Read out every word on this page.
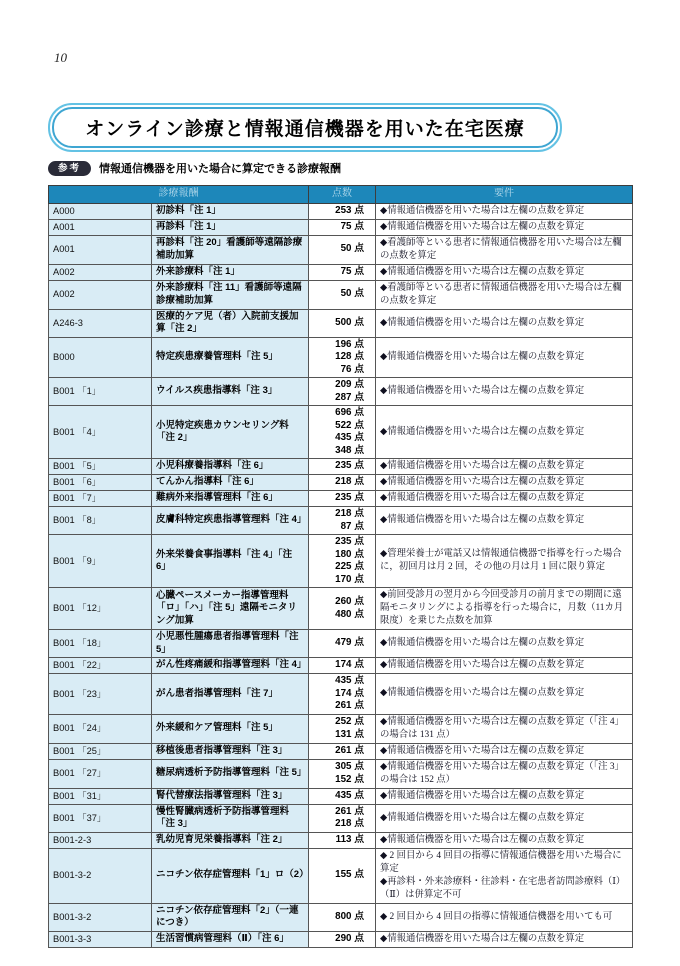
10
オンライン診療と情報通信機器を用いた在宅医療
参考	情報通信機器を用いた場合に算定できる診療報酬
診療報酬		点数	要件
A000	初診料「注 1」	253 点	◆情報通信機器を用いた場合は左欄の点数を算定

A001	再診料「注 1」	75 点	◆情報通信機器を用いた場合は左欄の点数を算定

A001	再診料「注 20」看護師等遠隔診療補助加算	50 点	◆看護師等といる患者に情報通信機器を用いた場合は左欄の点数を算定

A002	外来診療料「注 1」	75 点	◆情報通信機器を用いた場合は左欄の点数を算定

A002	外来診療料「注 11」看護師等遠隔診療補助加算	50 点	◆看護師等といる患者に情報通信機器を用いた場合は左欄の点数を算定

A246-3	医療的ケア児（者）入院前支援加算「注 2」	500 点	◆情報通信機器を用いた場合は左欄の点数を算定

B000	特定疾患療養管理料「注 5」	196 点
128 点
76 点	◆情報通信機器を用いた場合は左欄の点数を算定

B001 「1」	ウイルス疾患指導料「注 3」	209 点
287 点	◆情報通信機器を用いた場合は左欄の点数を算定

B001 「4」	小児特定疾患カウンセリング料「注 2」	696 点
522 点
435 点
348 点	◆情報通信機器を用いた場合は左欄の点数を算定

B001 「5」	小児科療養指導料「注 6」	235 点	◆情報通信機器を用いた場合は左欄の点数を算定

B001 「6」	てんかん指導料「注 6」	218 点	◆情報通信機器を用いた場合は左欄の点数を算定

B001 「7」	難病外来指導管理料「注 6」	235 点	◆情報通信機器を用いた場合は左欄の点数を算定

B001 「8」	皮膚科特定疾患指導管理料「注 4」	218 点
87 点	◆情報通信機器を用いた場合は左欄の点数を算定

B001 「9」	外来栄養食事指導料「注 4」「注 6」	235 点
180 点
225 点
170 点	◆管理栄養士が電話又は情報通信機器で指導を行った場合に，初回月は月 2 回，その他の月は月 1 回に限り算定

B001 「12」	心臓ペースメーカー指導管理料「ロ」「ハ」「注 5」遠隔モニタリング加算	260 点
480 点	◆前回受診月の翌月から今回受診月の前月までの期間に遠隔モニタリングによる指導を行った場合に，月数（11カ月限度）を乗じた点数を加算

B001 「18」	小児悪性腫瘍患者指導管理料「注 5」	479 点	◆情報通信機器を用いた場合は左欄の点数を算定

B001 「22」	がん性疼痛緩和指導管理料「注 4」	174 点	◆情報通信機器を用いた場合は左欄の点数を算定

B001 「23」	がん患者指導管理料「注 7」	435 点
174 点
261 点	◆情報通信機器を用いた場合は左欄の点数を算定

B001 「24」	外来緩和ケア管理料「注 5」	252 点
131 点	◆情報通信機器を用いた場合は左欄の点数を算定（「注 4」の場合は 131 点）

B001 「25」	移植後患者指導管理料「注 3」	261 点	◆情報通信機器を用いた場合は左欄の点数を算定

B001 「27」	糖尿病透析予防指導管理料「注 5」	305 点
152 点	◆情報通信機器を用いた場合は左欄の点数を算定（「注 3」の場合は 152 点）

B001 「31」	腎代替療法指導管理料「注 3」	435 点	◆情報通信機器を用いた場合は左欄の点数を算定

B001 「37」	慢性腎臓病透析予防指導管理料「注 3」	261 点
218 点	◆情報通信機器を用いた場合は左欄の点数を算定

B001-2-3	乳幼児育児栄養指導料「注 2」	113 点	◆情報通信機器を用いた場合は左欄の点数を算定

B001-3-2	ニコチン依存症管理料「1」ロ（2）	155 点	◆ 2 回目から 4 回目の指導に情報通信機器を用いた場合に算定
◆再診料・外来診療料・往診料・在宅患者訪問診療料（Ⅰ）（Ⅱ）は併算定不可

B001-3-2	ニコチン依存症管理料「2」（一連につき）	800 点	◆ 2 回目から 4 回目の指導に情報通信機器を用いても可

B001-3-3	生活習慣病管理料（Ⅱ）「注 6」	290 点	◆情報通信機器を用いた場合は左欄の点数を算定
